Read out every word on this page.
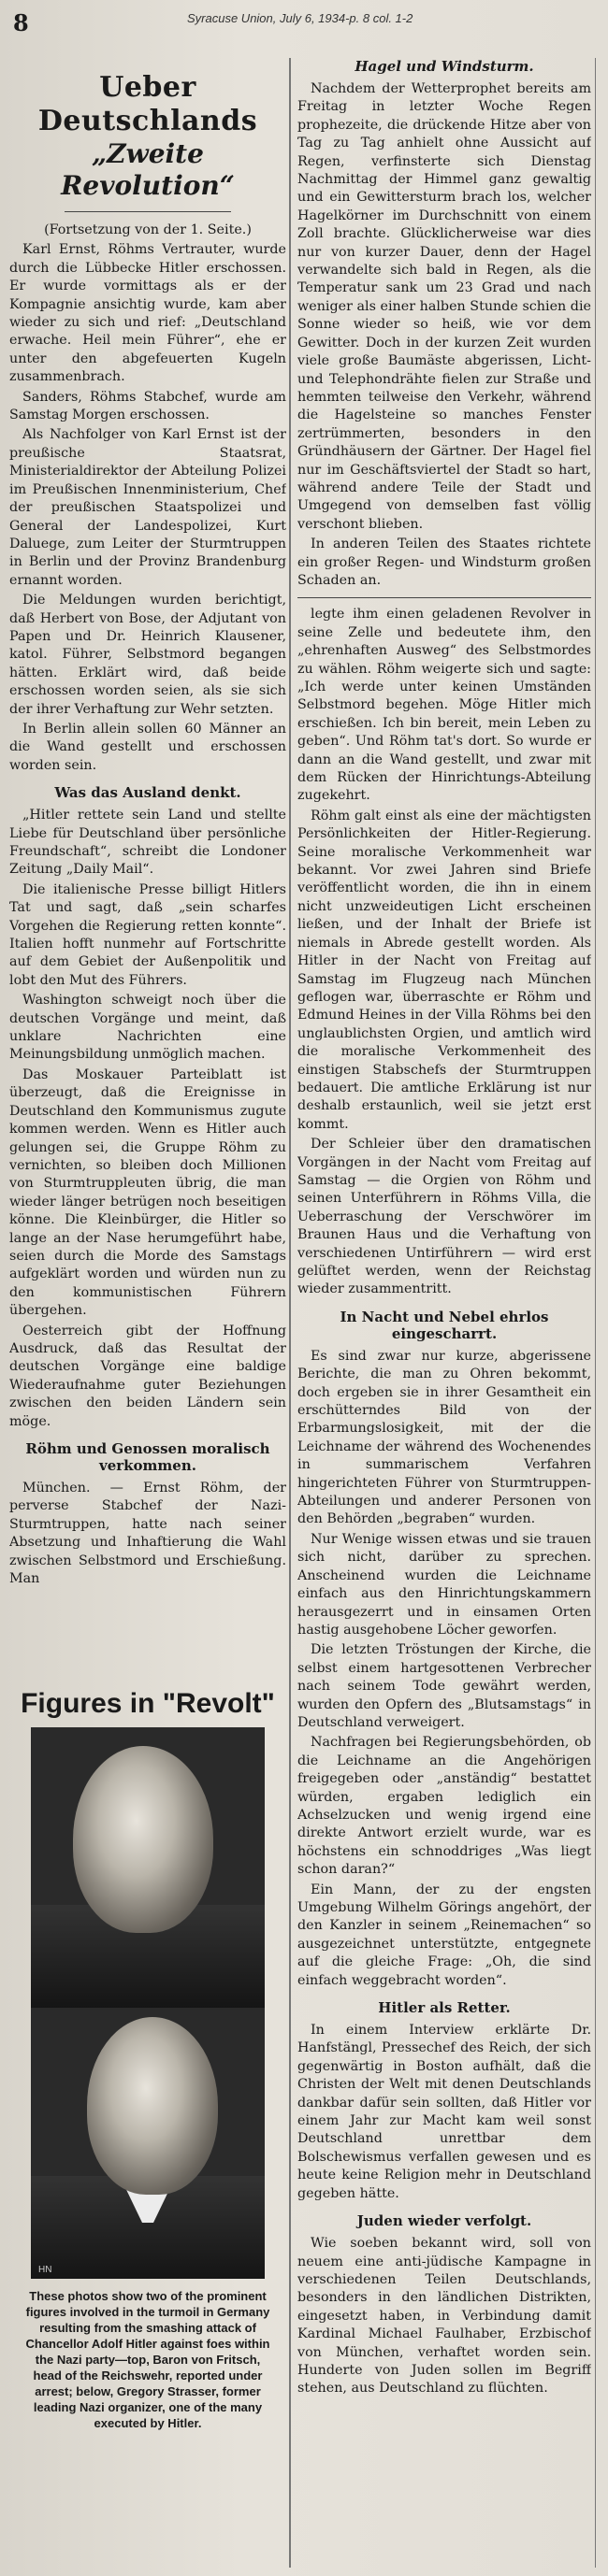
8	Syracuse Union, July 6, 1934-p. 8 col. 1-2
Ueber Deutschlands
„Zweite Revolution“

(Fortsetzung von der 1. Seite.)

Karl Ernst, Röhms Vertrauter, wurde durch die Lübbecke Hitler erschossen. Er wurde vormittags als er der Kompagnie ansichtig wurde, kam aber wieder zu sich und rief: „Deutschland erwache. Heil mein Führer“, ehe er unter den abgefeuerten Kugeln zusammenbrach.

Sanders, Röhms Stabchef, wurde am Samstag Morgen erschossen.

Als Nachfolger von Karl Ernst ist der preußische Staatsrat, Ministerialdirektor der Abteilung Polizei im Preußischen Innenministerium, Chef der preußischen Staatspolizei und General der Landespolizei, Kurt Daluege, zum Leiter der Sturmtruppen in Berlin und der Provinz Brandenburg ernannt worden.

Die Meldungen wurden berichtigt, daß Herbert von Bose, der Adjutant von Papen und Dr. Heinrich Klausener, katol. Führer, Selbstmord begangen hätten. Erklärt wird, daß beide erschossen worden seien, als sie sich der ihrer Verhaftung zur Wehr setzten.

In Berlin allein sollen 60 Männer an die Wand gestellt und erschossen worden sein.

Was das Ausland denkt.

„Hitler rettete sein Land und stellte Liebe für Deutschland über persönliche Freundschaft“, schreibt die Londoner Zeitung „Daily Mail“.

Die italienische Presse billigt Hitlers Tat und sagt, daß „sein scharfes Vorgehen die Regierung retten konnte“. Italien hofft nunmehr auf Fortschritte auf dem Gebiet der Außenpolitik und lobt den Mut des Führers.

Washington schweigt noch über die deutschen Vorgänge und meint, daß unklare Nachrichten eine Meinungsbildung unmöglich machen.

Das Moskauer Parteiblatt ist überzeugt, daß die Ereignisse in Deutschland den Kommunismus zugute kommen werden. Wenn es Hitler auch gelungen sei, die Gruppe Röhm zu vernichten, so bleiben doch Millionen von Sturmtruppleuten übrig, die man wieder länger betrügen noch beseitigen könne. Die Kleinbürger, die Hitler so lange an der Nase herumgeführt habe, seien durch die Morde des Samstags aufgeklärt worden und würden nun zu den kommunistischen Führern übergehen.

Oesterreich gibt der Hoffnung Ausdruck, daß das Resultat der deutschen Vorgänge eine baldige Wiederaufnahme guter Beziehungen zwischen den beiden Ländern sein möge.

Röhm und Genossen moralisch verkommen.

München. — Ernst Röhm, der perverse Stabchef der Nazi-Sturmtruppen, hatte nach seiner Absetzung und Inhaftierung die Wahl zwischen Selbstmord und Erschießung. Man

Figures in "Revolt"
HN
These photos show two of the prominent figures involved in the turmoil in Germany resulting from the smashing attack of Chancellor Adolf Hitler against foes within the Nazi party—top, Baron von Fritsch, head of the Reichswehr, reported under arrest; below, Gregory Strasser, former leading Nazi organizer, one of the many executed by Hitler.
Hagel und Windsturm.

Nachdem der Wetterprophet bereits am Freitag in letzter Woche Regen prophezeite, die drückende Hitze aber von Tag zu Tag anhielt ohne Aussicht auf Regen, verfinsterte sich Dienstag Nachmittag der Himmel ganz gewaltig und ein Gewittersturm brach los, welcher Hagelkörner im Durchschnitt von einem Zoll brachte. Glücklicherweise war dies nur von kurzer Dauer, denn der Hagel verwandelte sich bald in Regen, als die Temperatur sank um 23 Grad und nach weniger als einer halben Stunde schien die Sonne wieder so heiß, wie vor dem Gewitter. Doch in der kurzen Zeit wurden viele große Baumäste abgerissen, Licht- und Telephondrähte fielen zur Straße und hemmten teilweise den Verkehr, während die Hagelsteine so manches Fenster zertrümmerten, besonders in den Gründhäusern der Gärtner. Der Hagel fiel nur im Geschäftsviertel der Stadt so hart, während andere Teile der Stadt und Umgegend von demselben fast völlig verschont blieben.

In anderen Teilen des Staates richtete ein großer Regen- und Windsturm großen Schaden an.

legte ihm einen geladenen Revolver in seine Zelle und bedeutete ihm, den „ehrenhaften Ausweg“ des Selbstmordes zu wählen. Röhm weigerte sich und sagte: „Ich werde unter keinen Umständen Selbstmord begehen. Möge Hitler mich erschießen. Ich bin bereit, mein Leben zu geben“. Und Röhm tat's dort. So wurde er dann an die Wand gestellt, und zwar mit dem Rücken der Hinrichtungs-Abteilung zugekehrt.

Röhm galt einst als eine der mächtigsten Persönlichkeiten der Hitler-Regierung. Seine moralische Verkommenheit war bekannt. Vor zwei Jahren sind Briefe veröffentlicht worden, die ihn in einem nicht unzweideutigen Licht erscheinen ließen, und der Inhalt der Briefe ist niemals in Abrede gestellt worden. Als Hitler in der Nacht von Freitag auf Samstag im Flugzeug nach München geflogen war, überraschte er Röhm und Edmund Heines in der Villa Röhms bei den unglaublichsten Orgien, und amtlich wird die moralische Verkommenheit des einstigen Stabschefs der Sturmtruppen bedauert. Die amtliche Erklärung ist nur deshalb erstaunlich, weil sie jetzt erst kommt.

Der Schleier über den dramatischen Vorgängen in der Nacht vom Freitag auf Samstag — die Orgien von Röhm und seinen Unterführern in Röhms Villa, die Ueberraschung der Verschwörer im Braunen Haus und die Verhaftung von verschiedenen Untirführern — wird erst gelüftet werden, wenn der Reichstag wieder zusammentritt.

In Nacht und Nebel ehrlos eingescharrt.

Es sind zwar nur kurze, abgerissene Berichte, die man zu Ohren bekommt, doch ergeben sie in ihrer Gesamtheit ein erschütterndes Bild von der Erbarmungslosigkeit, mit der die Leichname der während des Wochenendes in summarischem Verfahren hingerichteten Führer von Sturmtruppen-Abteilungen und anderer Personen von den Behörden „begraben“ wurden.

Nur Wenige wissen etwas und sie trauen sich nicht, darüber zu sprechen. Anscheinend wurden die Leichname einfach aus den Hinrichtungskammern herausgezerrt und in einsamen Orten hastig ausgehobene Löcher geworfen.

Die letzten Tröstungen der Kirche, die selbst einem hartgesottenen Verbrecher nach seinem Tode gewährt werden, wurden den Opfern des „Blutsamstags“ in Deutschland verweigert.

Nachfragen bei Regierungsbehörden, ob die Leichname an die Angehörigen freigegeben oder „anständig“ bestattet würden, ergaben lediglich ein Achselzucken und wenig irgend eine direkte Antwort erzielt wurde, war es höchstens ein schnoddriges „Was liegt schon daran?“

Ein Mann, der zu der engsten Umgebung Wilhelm Görings angehört, der den Kanzler in seinem „Reinemachen“ so ausgezeichnet unterstützte, entgegnete auf die gleiche Frage: „Oh, die sind einfach weggebracht worden“.

Hitler als Retter.

In einem Interview erklärte Dr. Hanfstängl, Pressechef des Reich, der sich gegenwärtig in Boston aufhält, daß die Christen der Welt mit denen Deutschlands dankbar dafür sein sollten, daß Hitler vor einem Jahr zur Macht kam weil sonst Deutschland unrettbar dem Bolschewismus verfallen gewesen und es heute keine Religion mehr in Deutschland gegeben hätte.

Juden wieder verfolgt.

Wie soeben bekannt wird, soll von neuem eine anti-jüdische Kampagne in verschiedenen Teilen Deutschlands, besonders in den ländlichen Distrikten, eingesetzt haben, in Verbindung damit Kardinal Michael Faulhaber, Erzbischof von München, verhaftet worden sein. Hunderte von Juden sollen im Begriff stehen, aus Deutschland zu flüchten.
